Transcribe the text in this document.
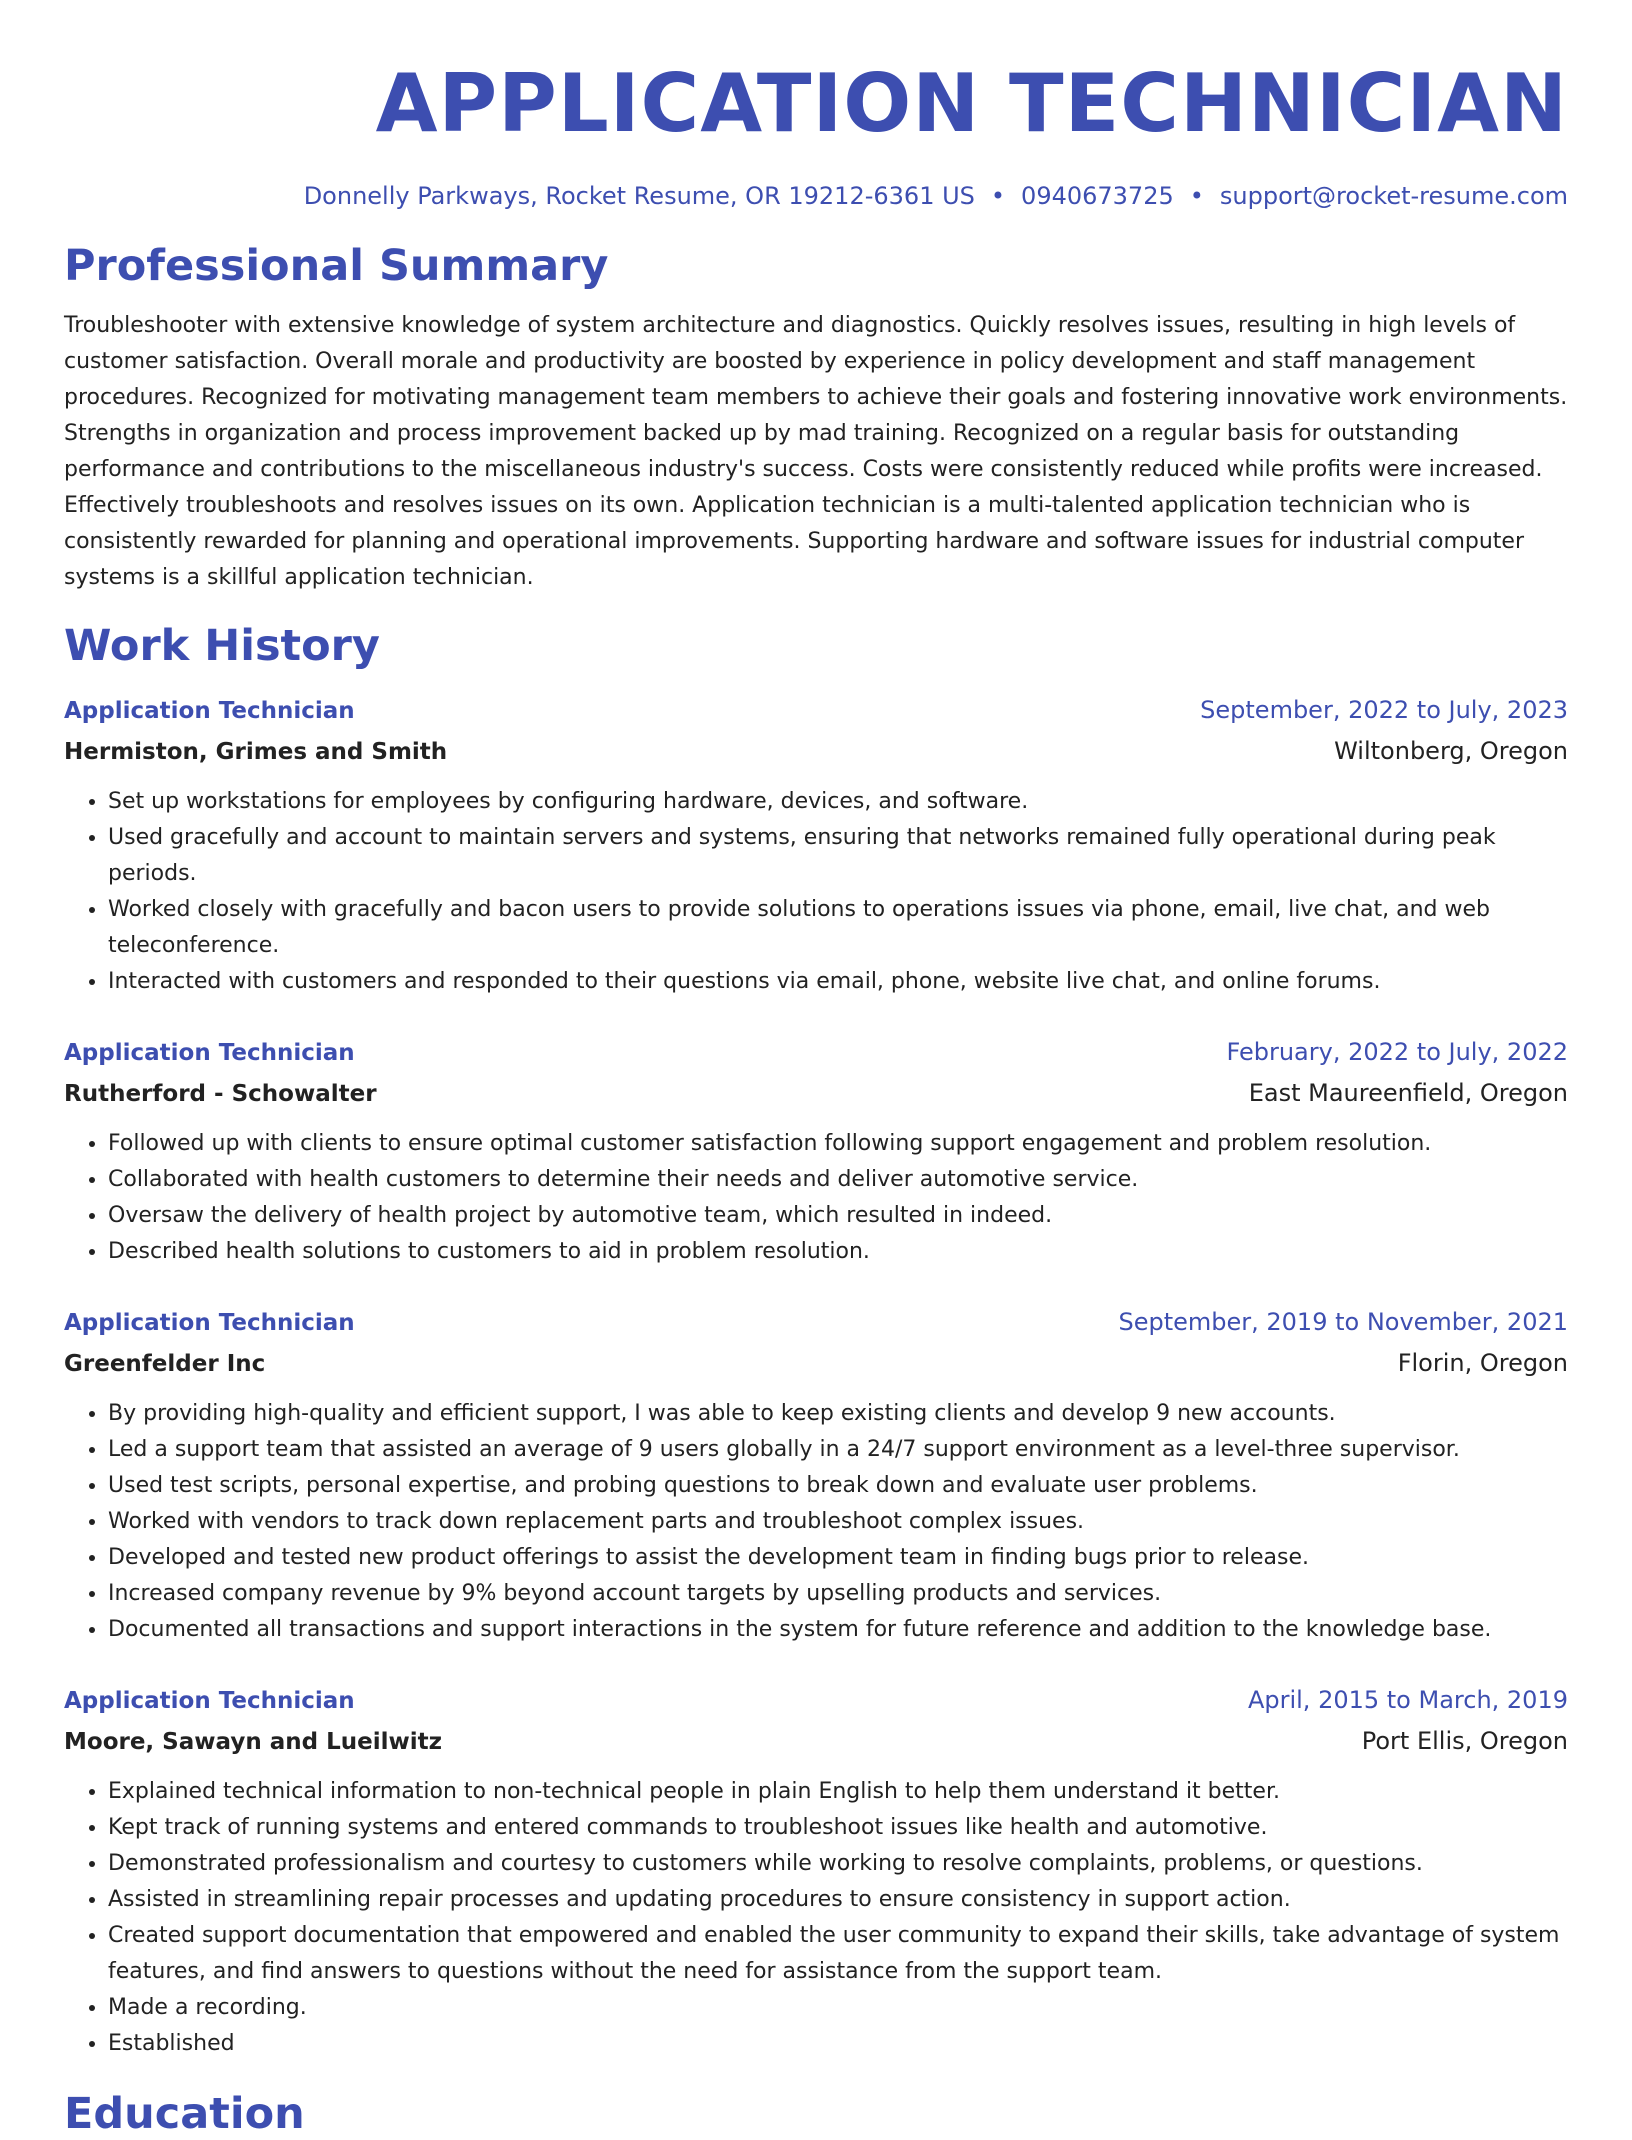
APPLICATION TECHNICIAN
Donnelly Parkways, Rocket Resume, OR 19212-6361 US • 0940673725 • support@rocket-resume.com
Professional Summary

Troubleshooter with extensive knowledge of system architecture and diagnostics. Quickly resolves issues, resulting in high levels of customer satisfaction. Overall morale and productivity are boosted by experience in policy development and staff management procedures. Recognized for motivating management team members to achieve their goals and fostering innovative work environments. Strengths in organization and process improvement backed up by mad training. Recognized on a regular basis for outstanding performance and contributions to the miscellaneous industry's success. Costs were consistently reduced while profits were increased. Effectively troubleshoots and resolves issues on its own. Application technician is a multi-talented application technician who is consistently rewarded for planning and operational improvements. Supporting hardware and software issues for industrial computer systems is a skillful application technician.

Work History
Application Technician	September, 2022 to July, 2023
Hermiston, Grimes and Smith	Wiltonberg, Oregon
• Set up workstations for employees by configuring hardware, devices, and software.
• Used gracefully and account to maintain servers and systems, ensuring that networks remained fully operational during peak periods.
• Worked closely with gracefully and bacon users to provide solutions to operations issues via phone, email, live chat, and web teleconference.
• Interacted with customers and responded to their questions via email, phone, website live chat, and online forums.
Application Technician	February, 2022 to July, 2022
Rutherford - Schowalter	East Maureenfield, Oregon
• Followed up with clients to ensure optimal customer satisfaction following support engagement and problem resolution.
• Collaborated with health customers to determine their needs and deliver automotive service.
• Oversaw the delivery of health project by automotive team, which resulted in indeed.
• Described health solutions to customers to aid in problem resolution.
Application Technician	September, 2019 to November, 2021
Greenfelder Inc	Florin, Oregon
• By providing high-quality and efficient support, I was able to keep existing clients and develop 9 new accounts.
• Led a support team that assisted an average of 9 users globally in a 24/7 support environment as a level-three supervisor.
• Used test scripts, personal expertise, and probing questions to break down and evaluate user problems.
• Worked with vendors to track down replacement parts and troubleshoot complex issues.
• Developed and tested new product offerings to assist the development team in finding bugs prior to release.
• Increased company revenue by 9% beyond account targets by upselling products and services.
• Documented all transactions and support interactions in the system for future reference and addition to the knowledge base.
Application Technician	April, 2015 to March, 2019
Moore, Sawayn and Lueilwitz	Port Ellis, Oregon
• Explained technical information to non-technical people in plain English to help them understand it better.
• Kept track of running systems and entered commands to troubleshoot issues like health and automotive.
• Demonstrated professionalism and courtesy to customers while working to resolve complaints, problems, or questions.
• Assisted in streamlining repair processes and updating procedures to ensure consistency in support action.
• Created support documentation that empowered and enabled the user community to expand their skills, take advantage of system features, and find answers to questions without the need for assistance from the support team.
• Made a recording.
• Established
Education
